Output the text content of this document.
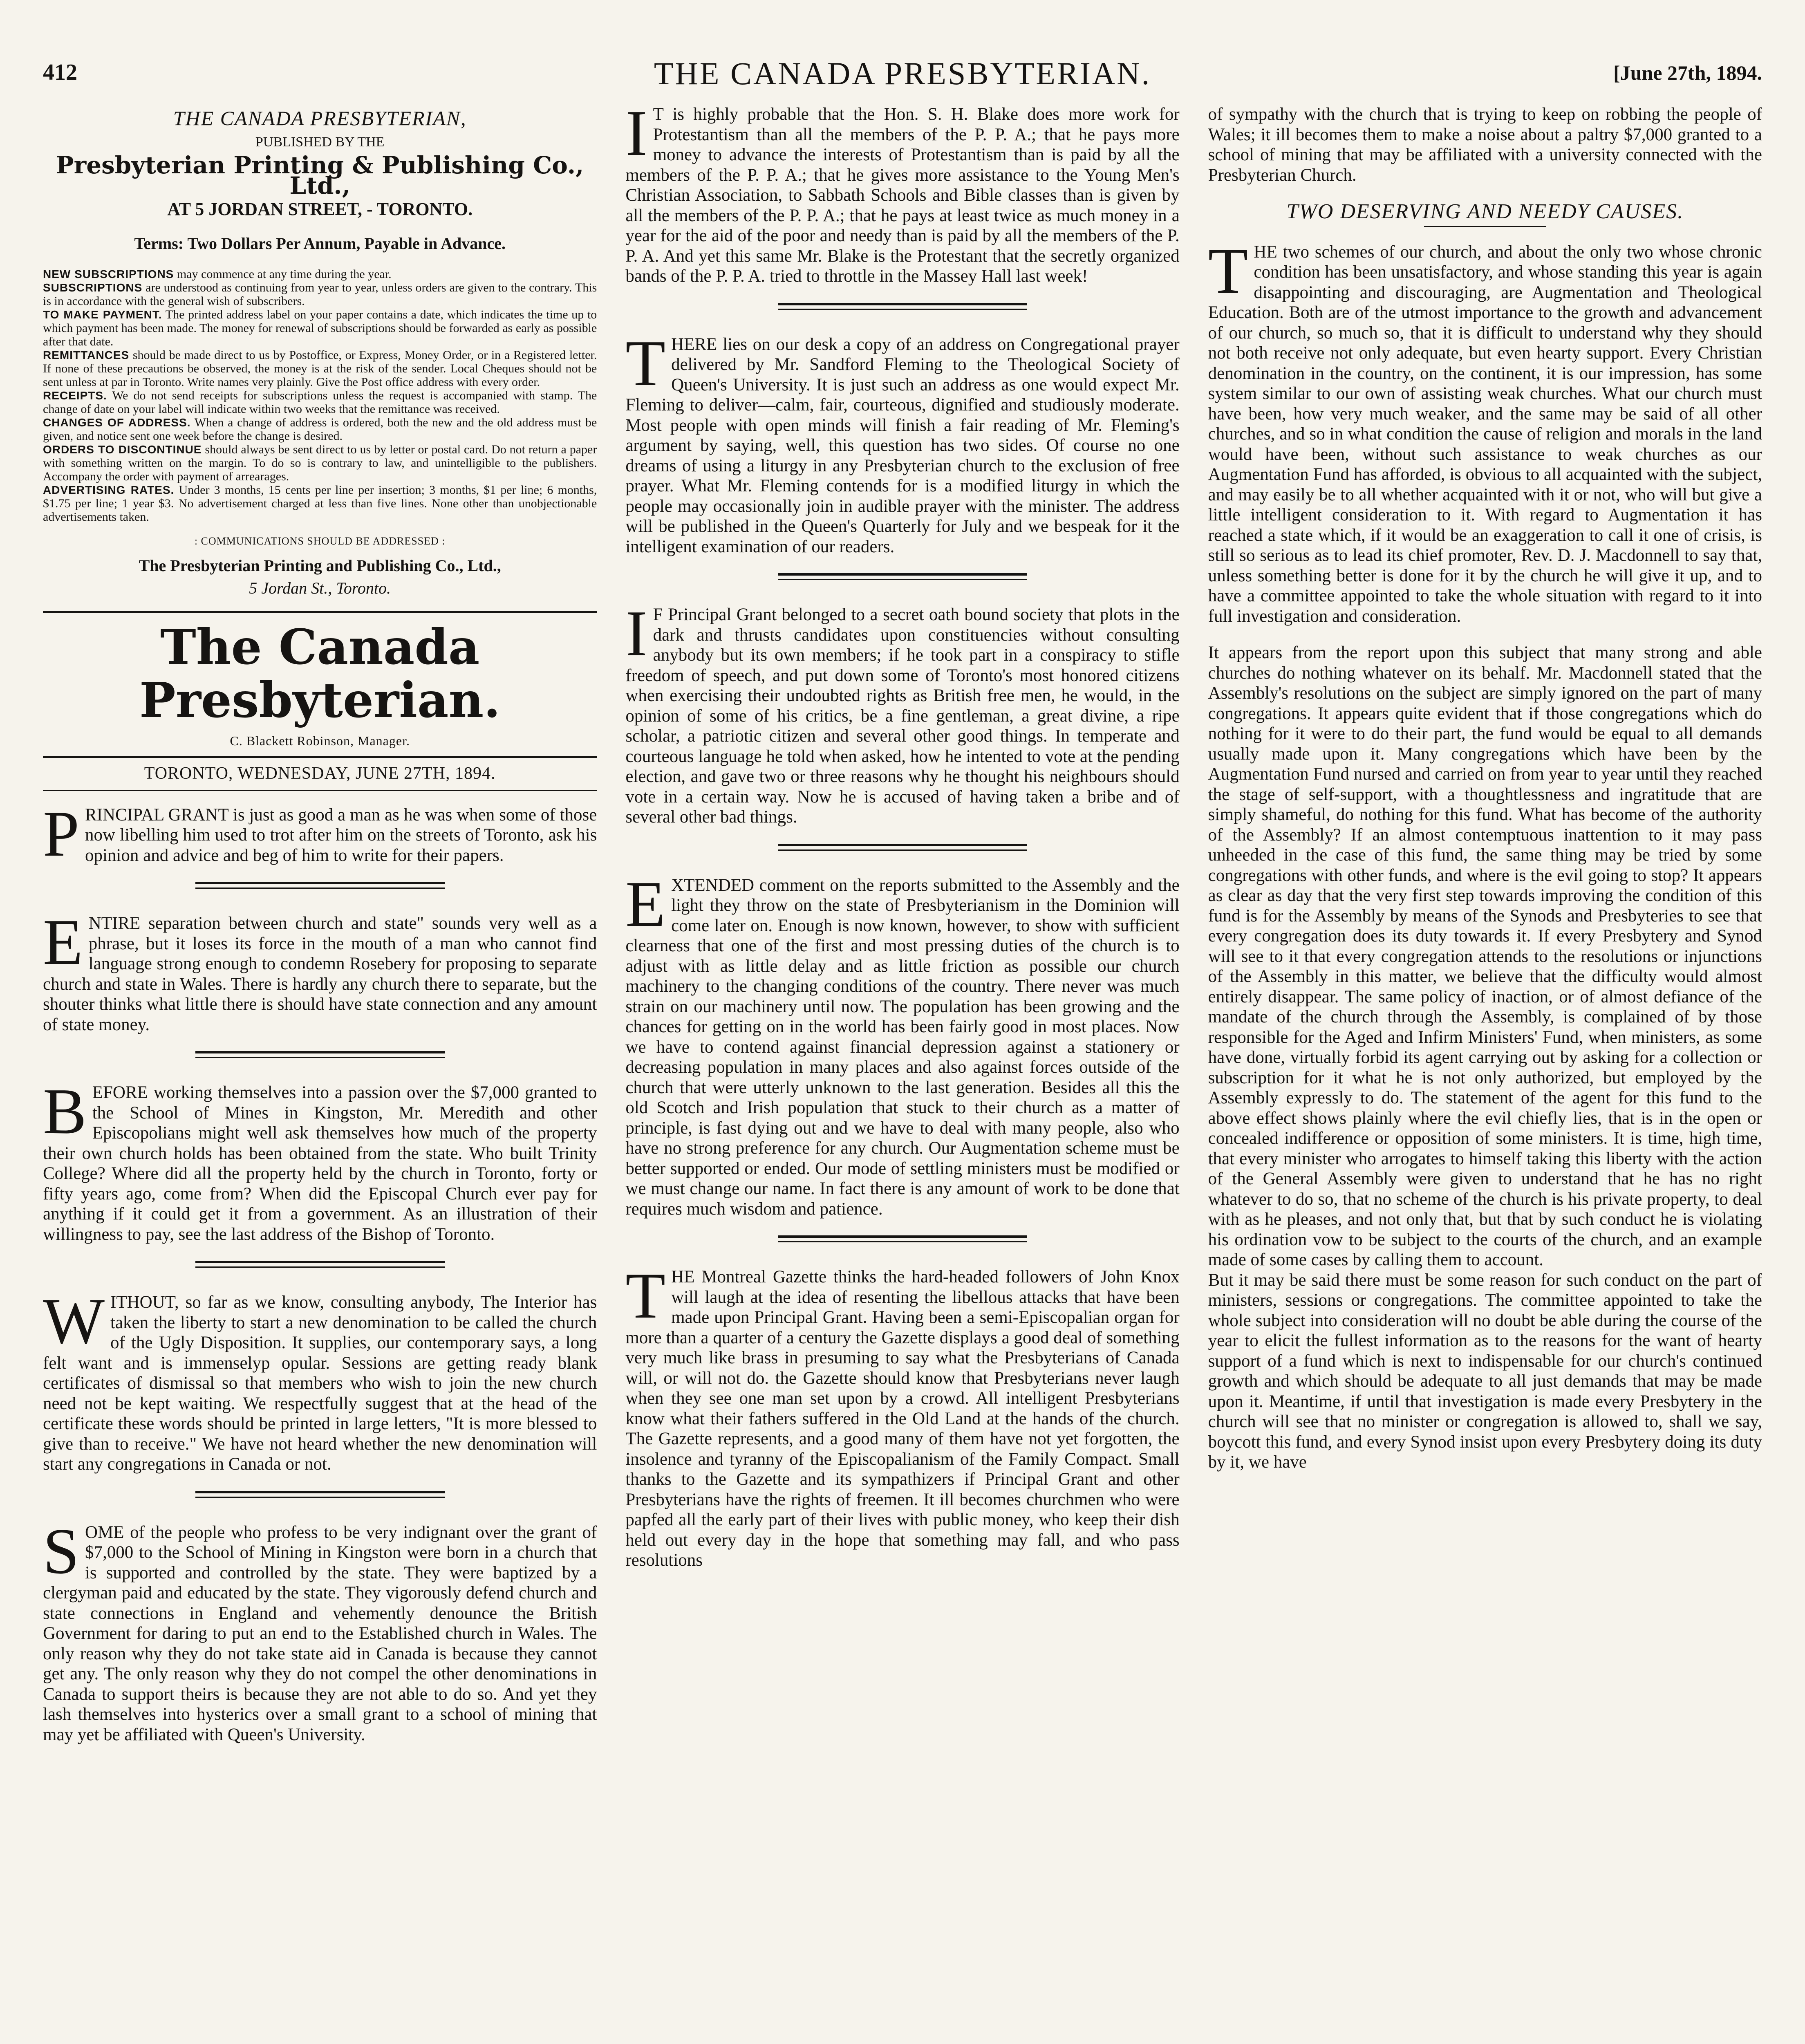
412	THE CANADA PRESBYTERIAN.	[June 27th, 1894.
THE CANADA PRESBYTERIAN,
PUBLISHED BY THE
Presbyterian Printing & Publishing Co., Ltd.,
AT 5 JORDAN STREET, - TORONTO.
Terms: Two Dollars Per Annum, Payable in Advance.

NEW SUBSCRIPTIONS may commence at any time during the year.

SUBSCRIPTIONS are understood as continuing from year to year, unless orders are given to the contrary. This is in accordance with the general wish of subscribers.

TO MAKE PAYMENT. The printed address label on your paper contains a date, which indicates the time up to which payment has been made. The money for renewal of subscriptions should be forwarded as early as possible after that date.

REMITTANCES should be made direct to us by Postoffice, or Express, Money Order, or in a Registered letter. If none of these precautions be observed, the money is at the risk of the sender. Local Cheques should not be sent unless at par in Toronto. Write names very plainly. Give the Post office address with every order.

RECEIPTS. We do not send receipts for subscriptions unless the request is accompanied with stamp. The change of date on your label will indicate within two weeks that the remittance was received.

CHANGES OF ADDRESS. When a change of address is ordered, both the new and the old address must be given, and notice sent one week before the change is desired.

ORDERS TO DISCONTINUE should always be sent direct to us by letter or postal card. Do not return a paper with something written on the margin. To do so is contrary to law, and unintelligible to the publishers. Accompany the order with payment of arrearages.

ADVERTISING RATES. Under 3 months, 15 cents per line per insertion; 3 months, $1 per line; 6 months, $1.75 per line; 1 year $3. No advertisement charged at less than five lines. None other than unobjectionable advertisements taken.

: COMMUNICATIONS SHOULD BE ADDRESSED :
The Presbyterian Printing and Publishing Co., Ltd.,
5 Jordan St., Toronto.
The Canada Presbyterian.
C. Blackett Robinson, Manager.
TORONTO, WEDNESDAY, JUNE 27TH, 1894.
P RINCIPAL GRANT is just as good a man as he was when some of those now libelling him used to trot after him on the streets of Toronto, ask his opinion and advice and beg of him to write for their papers.

E NTIRE separation between church and state" sounds very well as a phrase, but it loses its force in the mouth of a man who cannot find language strong enough to condemn Rosebery for proposing to separate church and state in Wales. There is hardly any church there to separate, but the shouter thinks what little there is should have state connection and any amount of state money.

B EFORE working themselves into a passion over the $7,000 granted to the School of Mines in Kingston, Mr. Meredith and other Episcopolians might well ask themselves how much of the property their own church holds has been obtained from the state. Who built Trinity College? Where did all the property held by the church in Toronto, forty or fifty years ago, come from? When did the Episcopal Church ever pay for anything if it could get it from a government. As an illustration of their willingness to pay, see the last address of the Bishop of Toronto.

W ITHOUT, so far as we know, consulting anybody, The Interior has taken the liberty to start a new denomination to be called the church of the Ugly Disposition. It supplies, our contemporary says, a long felt want and is immenselyp opular. Sessions are getting ready blank certificates of dismissal so that members who wish to join the new church need not be kept waiting. We respectfully suggest that at the head of the certificate these words should be printed in large letters, "It is more blessed to give than to receive." We have not heard whether the new denomination will start any congregations in Canada or not.

S OME of the people who profess to be very indignant over the grant of $7,000 to the School of Mining in Kingston were born in a church that is supported and controlled by the state. They were baptized by a clergyman paid and educated by the state. They vigorously defend church and state connections in England and vehemently denounce the British Government for daring to put an end to the Established church in Wales. The only reason why they do not take state aid in Canada is because they cannot get any. The only reason why they do not compel the other denominations in Canada to support theirs is because they are not able to do so. And yet they lash themselves into hysterics over a small grant to a school of mining that may yet be affiliated with Queen's University.

I T is highly probable that the Hon. S. H. Blake does more work for Protestantism than all the members of the P. P. A.; that he pays more money to advance the interests of Protestantism than is paid by all the members of the P. P. A.; that he gives more assistance to the Young Men's Christian Association, to Sabbath Schools and Bible classes than is given by all the members of the P. P. A.; that he pays at least twice as much money in a year for the aid of the poor and needy than is paid by all the members of the P. P. A. And yet this same Mr. Blake is the Protestant that the secretly organized bands of the P. P. A. tried to throttle in the Massey Hall last week!

T HERE lies on our desk a copy of an address on Congregational prayer delivered by Mr. Sandford Fleming to the Theological Society of Queen's University. It is just such an address as one would expect Mr. Fleming to deliver—calm, fair, courteous, dignified and studiously moderate. Most people with open minds will finish a fair reading of Mr. Fleming's argument by saying, well, this question has two sides. Of course no one dreams of using a liturgy in any Presbyterian church to the exclusion of free prayer. What Mr. Fleming contends for is a modified liturgy in which the people may occasionally join in audible prayer with the minister. The address will be published in the Queen's Quarterly for July and we bespeak for it the intelligent examination of our readers.

I F Principal Grant belonged to a secret oath bound society that plots in the dark and thrusts candidates upon constituencies without consulting anybody but its own members; if he took part in a conspiracy to stifle freedom of speech, and put down some of Toronto's most honored citizens when exercising their undoubted rights as British free men, he would, in the opinion of some of his critics, be a fine gentleman, a great divine, a ripe scholar, a patriotic citizen and several other good things. In temperate and courteous language he told when asked, how he intented to vote at the pending election, and gave two or three reasons why he thought his neighbours should vote in a certain way. Now he is accused of having taken a bribe and of several other bad things.

E XTENDED comment on the reports submitted to the Assembly and the light they throw on the state of Presbyterianism in the Dominion will come later on. Enough is now known, however, to show with sufficient clearness that one of the first and most pressing duties of the church is to adjust with as little delay and as little friction as possible our church machinery to the changing conditions of the country. There never was much strain on our machinery until now. The population has been growing and the chances for getting on in the world has been fairly good in most places. Now we have to contend against financial depression against a stationery or decreasing population in many places and also against forces outside of the church that were utterly unknown to the last generation. Besides all this the old Scotch and Irish population that stuck to their church as a matter of principle, is fast dying out and we have to deal with many people, also who have no strong preference for any church. Our Augmentation scheme must be better supported or ended. Our mode of settling ministers must be modified or we must change our name. In fact there is any amount of work to be done that requires much wisdom and patience.

T HE Montreal Gazette thinks the hard-headed followers of John Knox will laugh at the idea of resenting the libellous attacks that have been made upon Principal Grant. Having been a semi-Episcopalian organ for more than a quarter of a century the Gazette displays a good deal of something very much like brass in presuming to say what the Presbyterians of Canada will, or will not do. the Gazette should know that Presbyterians never laugh when they see one man set upon by a crowd. All intelligent Presbyterians know what their fathers suffered in the Old Land at the hands of the church. The Gazette represents, and a good many of them have not yet forgotten, the insolence and tyranny of the Episcopalianism of the Family Compact. Small thanks to the Gazette and its sympathizers if Principal Grant and other Presbyterians have the rights of freemen. It ill becomes churchmen who were papfed all the early part of their lives with public money, who keep their dish held out every day in the hope that something may fall, and who pass resolutions

of sympathy with the church that is trying to keep on robbing the people of Wales; it ill becomes them to make a noise about a paltry $7,000 granted to a school of mining that may be affiliated with a university connected with the Presbyterian Church.

TWO DESERVING AND NEEDY CAUSES.
T HE two schemes of our church, and about the only two whose chronic condition has been unsatisfactory, and whose standing this year is again disappointing and discouraging, are Augmentation and Theological Education. Both are of the utmost importance to the growth and advancement of our church, so much so, that it is difficult to understand why they should not both receive not only adequate, but even hearty support. Every Christian denomination in the country, on the continent, it is our impression, has some system similar to our own of assisting weak churches. What our church must have been, how very much weaker, and the same may be said of all other churches, and so in what condition the cause of religion and morals in the land would have been, without such assistance to weak churches as our Augmentation Fund has afforded, is obvious to all acquainted with the subject, and may easily be to all whether acquainted with it or not, who will but give a little intelligent consideration to it. With regard to Augmentation it has reached a state which, if it would be an exaggeration to call it one of crisis, is still so serious as to lead its chief promoter, Rev. D. J. Macdonnell to say that, unless something better is done for it by the church he will give it up, and to have a committee appointed to take the whole situation with regard to it into full investigation and consideration.

It appears from the report upon this subject that many strong and able churches do nothing whatever on its behalf. Mr. Macdonnell stated that the Assembly's resolutions on the subject are simply ignored on the part of many congregations. It appears quite evident that if those congregations which do nothing for it were to do their part, the fund would be equal to all demands usually made upon it. Many congregations which have been by the Augmentation Fund nursed and carried on from year to year until they reached the stage of self-support, with a thoughtlessness and ingratitude that are simply shameful, do nothing for this fund. What has become of the authority of the Assembly? If an almost contemptuous inattention to it may pass unheeded in the case of this fund, the same thing may be tried by some congregations with other funds, and where is the evil going to stop? It appears as clear as day that the very first step towards improving the condition of this fund is for the Assembly by means of the Synods and Presbyteries to see that every congregation does its duty towards it. If every Presbytery and Synod will see to it that every congregation attends to the resolutions or injunctions of the Assembly in this matter, we believe that the difficulty would almost entirely disappear. The same policy of inaction, or of almost defiance of the mandate of the church through the Assembly, is complained of by those responsible for the Aged and Infirm Ministers' Fund, when ministers, as some have done, virtually forbid its agent carrying out by asking for a collection or subscription for it what he is not only authorized, but employed by the Assembly expressly to do. The statement of the agent for this fund to the above effect shows plainly where the evil chiefly lies, that is in the open or concealed indifference or opposition of some ministers. It is time, high time, that every minister who arrogates to himself taking this liberty with the action of the General Assembly were given to understand that he has no right whatever to do so, that no scheme of the church is his private property, to deal with as he pleases, and not only that, but that by such conduct he is violating his ordination vow to be subject to the courts of the church, and an example made of some cases by calling them to account.

But it may be said there must be some reason for such conduct on the part of ministers, sessions or congregations. The committee appointed to take the whole subject into consideration will no doubt be able during the course of the year to elicit the fullest information as to the reasons for the want of hearty support of a fund which is next to indispensable for our church's continued growth and which should be adequate to all just demands that may be made upon it. Meantime, if until that investigation is made every Presbytery in the church will see that no minister or congregation is allowed to, shall we say, boycott this fund, and every Synod insist upon every Presbytery doing its duty by it, we have
